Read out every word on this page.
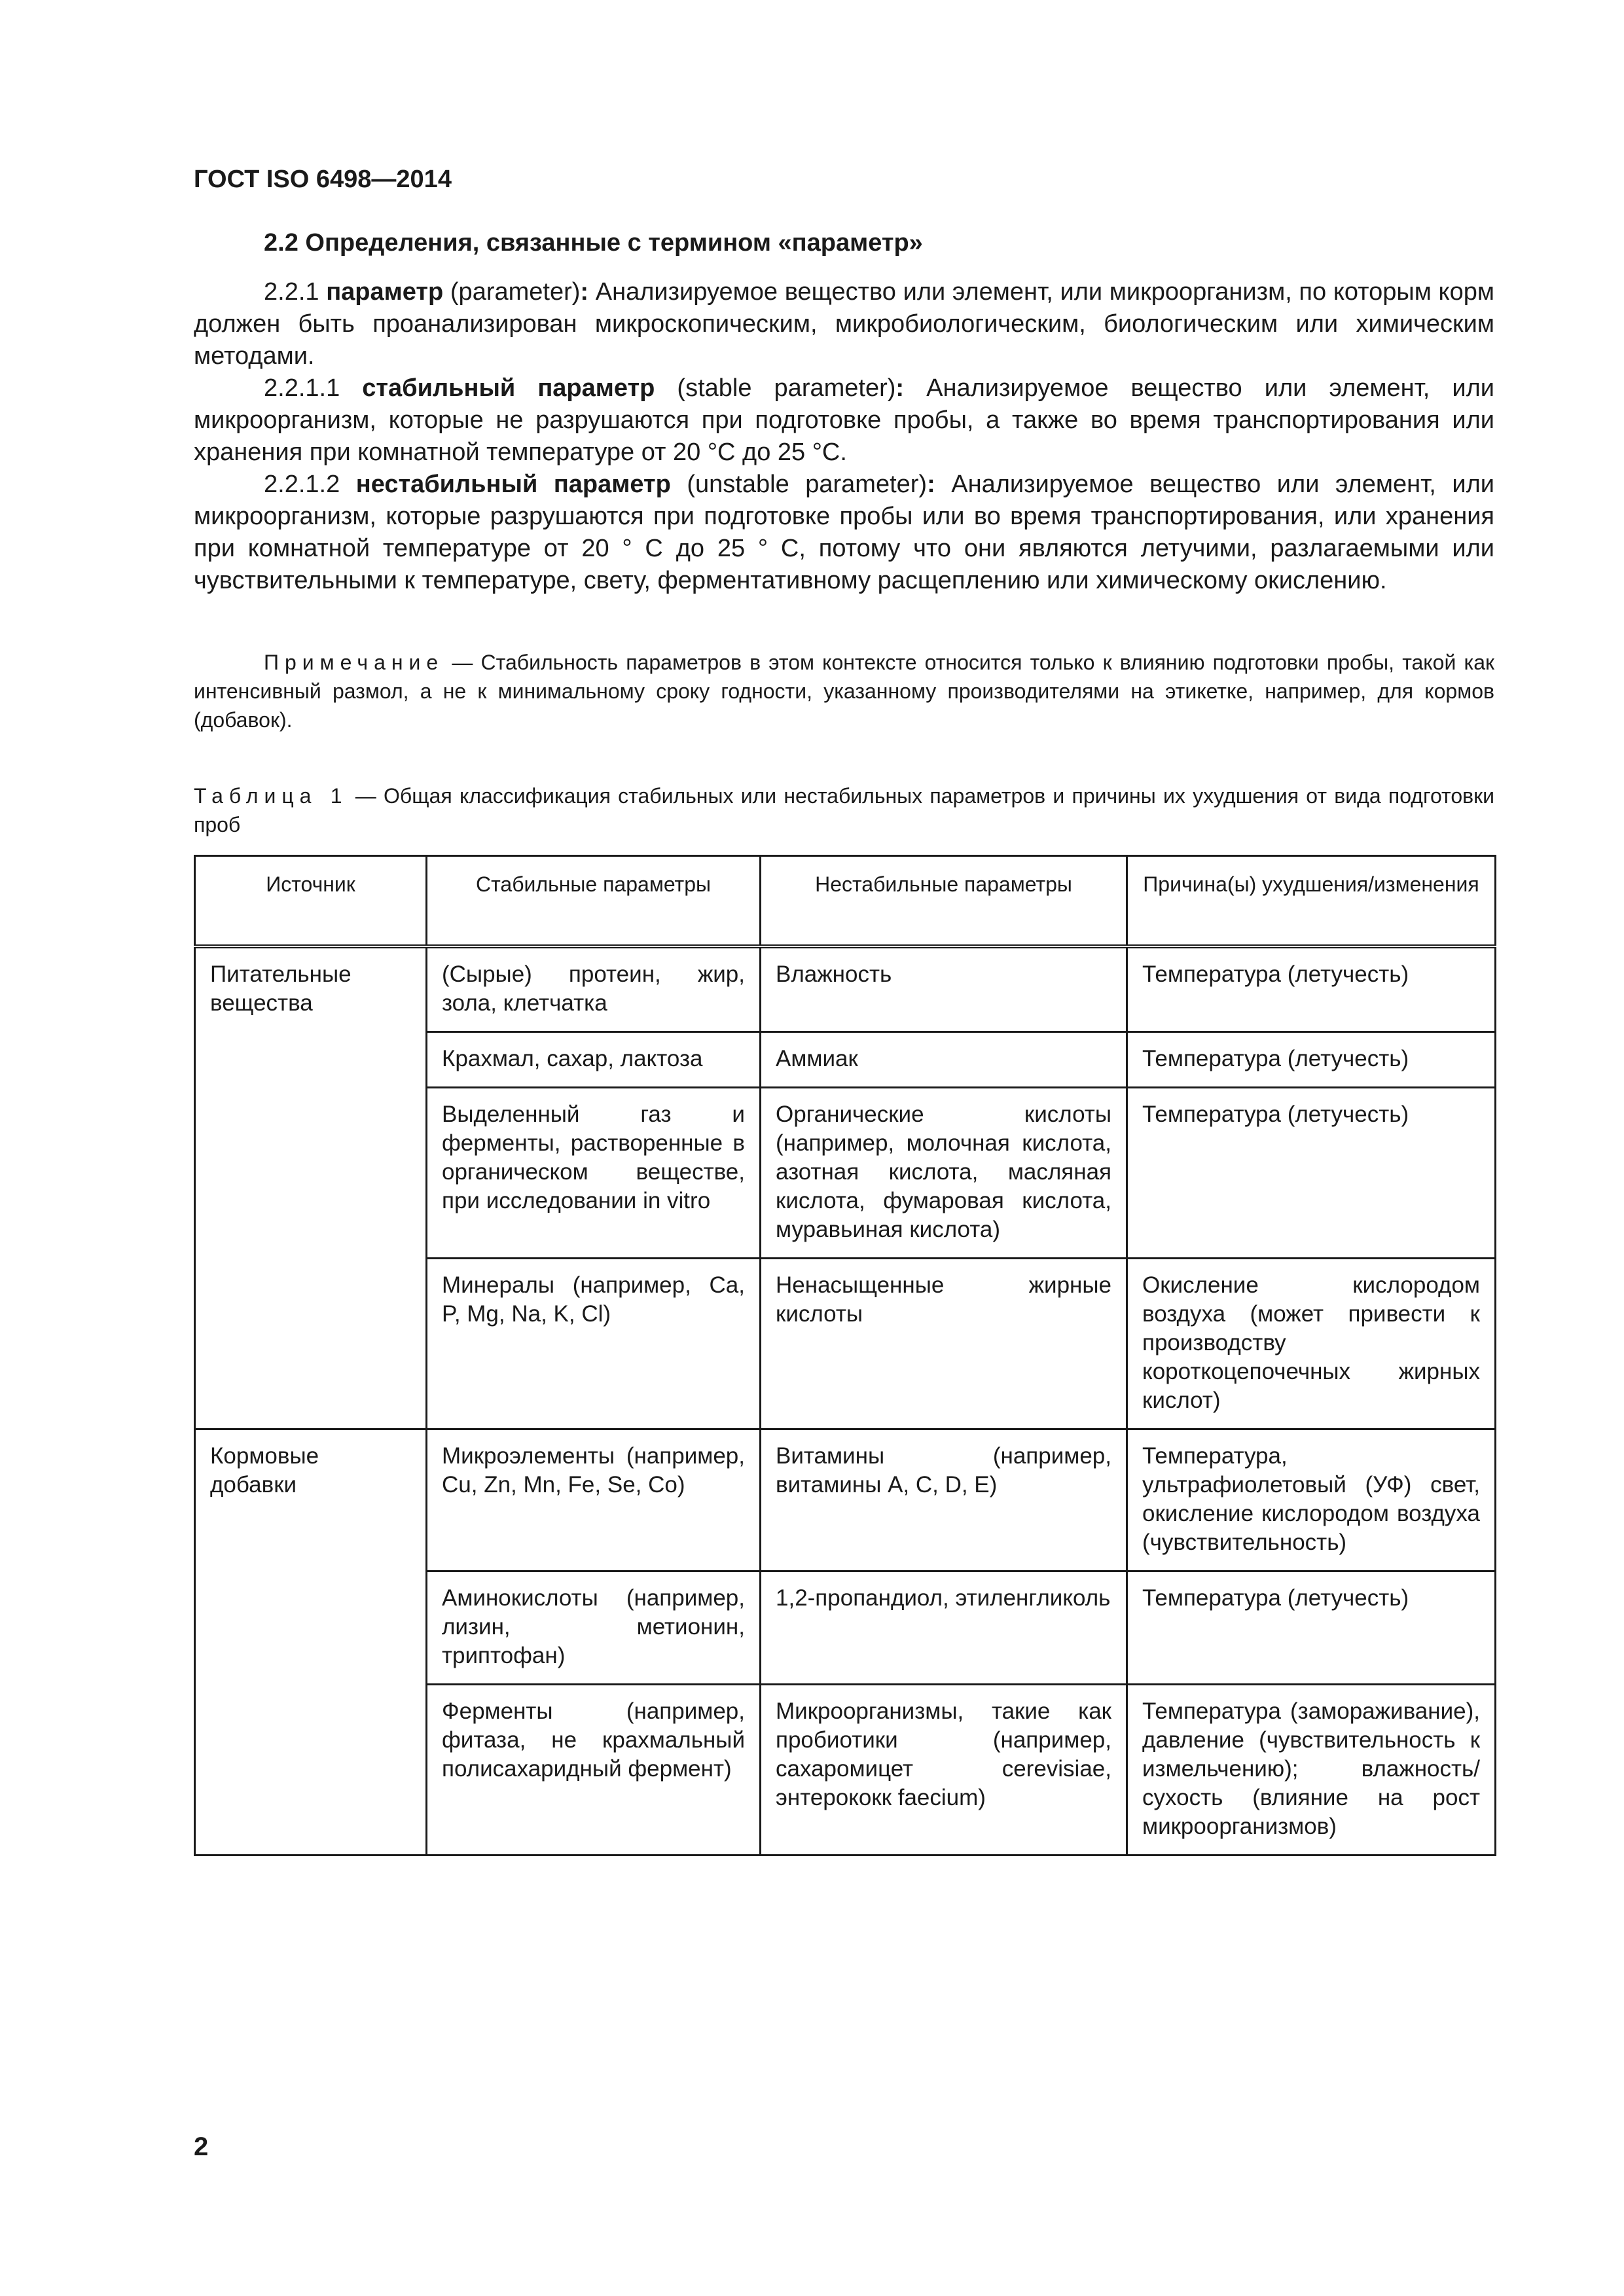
ГОСТ ISO 6498—2014
2.2 Определения, связанные с термином «параметр»

2.2.1 параметр (parameter): Анализируемое вещество или элемент, или микроорганизм, по которым корм должен быть проанализирован микроскопическим, микробиологическим, биологическим или химическим методами.

2.2.1.1 стабильный параметр (stable parameter): Анализируемое вещество или элемент, или микроорганизм, которые не разрушаются при подготовке пробы, а также во время транспортирования или хранения при комнатной температуре от 20 °С до 25 °С.

2.2.1.2 нестабильный параметр (unstable parameter): Анализируемое вещество или элемент, или микроорганизм, которые разрушаются при подготовке пробы или во время транспортирования, или хранения при комнатной температуре от 20 ° С до 25 ° С, потому что они являются летучими, разлагаемыми или чувствительными к температуре, свету, ферментативному расщеплению или химическому окислению.

Примечание — Стабильность параметров в этом контексте относится только к влиянию подготовки пробы, такой как интенсивный размол, а не к минимальному сроку годности, указанному производителями на этикетке, например, для кормов (добавок).

Таблица 1 — Общая классификация стабильных или нестабильных параметров и причины их ухудшения от вида подготовки проб

Источник	Стабильные параметры	Нестабильные параметры	Причина(ы) ухудшения/изменения
Питательные вещества	(Сырые) протеин, жир, зола, клетчатка	Влажность	Температура (летучесть)
	Крахмал, сахар, лактоза	Аммиак	Температура (летучесть)
	Выделенный газ и ферменты, растворенные в органическом веществе, при исследовании in vitro	Органические кислоты (например, молочная кислота, азотная кислота, масляная кислота, фумаровая кислота, муравьиная кислота)	Температура (летучесть)
	Минералы (например, Ca, P, Mg, Na, K, Cl)	Ненасыщенные жирные кислоты	Окисление кислородом воздуха (может привести к производству короткоцепочечных жирных кислот)
Кормовые добавки	Микроэлементы (например, Cu, Zn, Mn, Fe, Se, Co)	Витамины (например, витамины A, C, D, E)	Температура, ультрафиолетовый (УФ) свет, окисление кислородом воздуха (чувствительность)
	Аминокислоты (например, лизин, метионин, триптофан)	1,2-пропандиол, этиленгликоль	Температура (летучесть)
	Ферменты (например, фитаза, не крахмальный полисахаридный фермент)	Микроорганизмы, такие как пробиотики (например, сахаромицет cerevisiae, энтерококк faecium)	Температура (замораживание), давление (чувствительность к измельчению); влажность/сухость (влияние на рост микроорганизмов)
2
